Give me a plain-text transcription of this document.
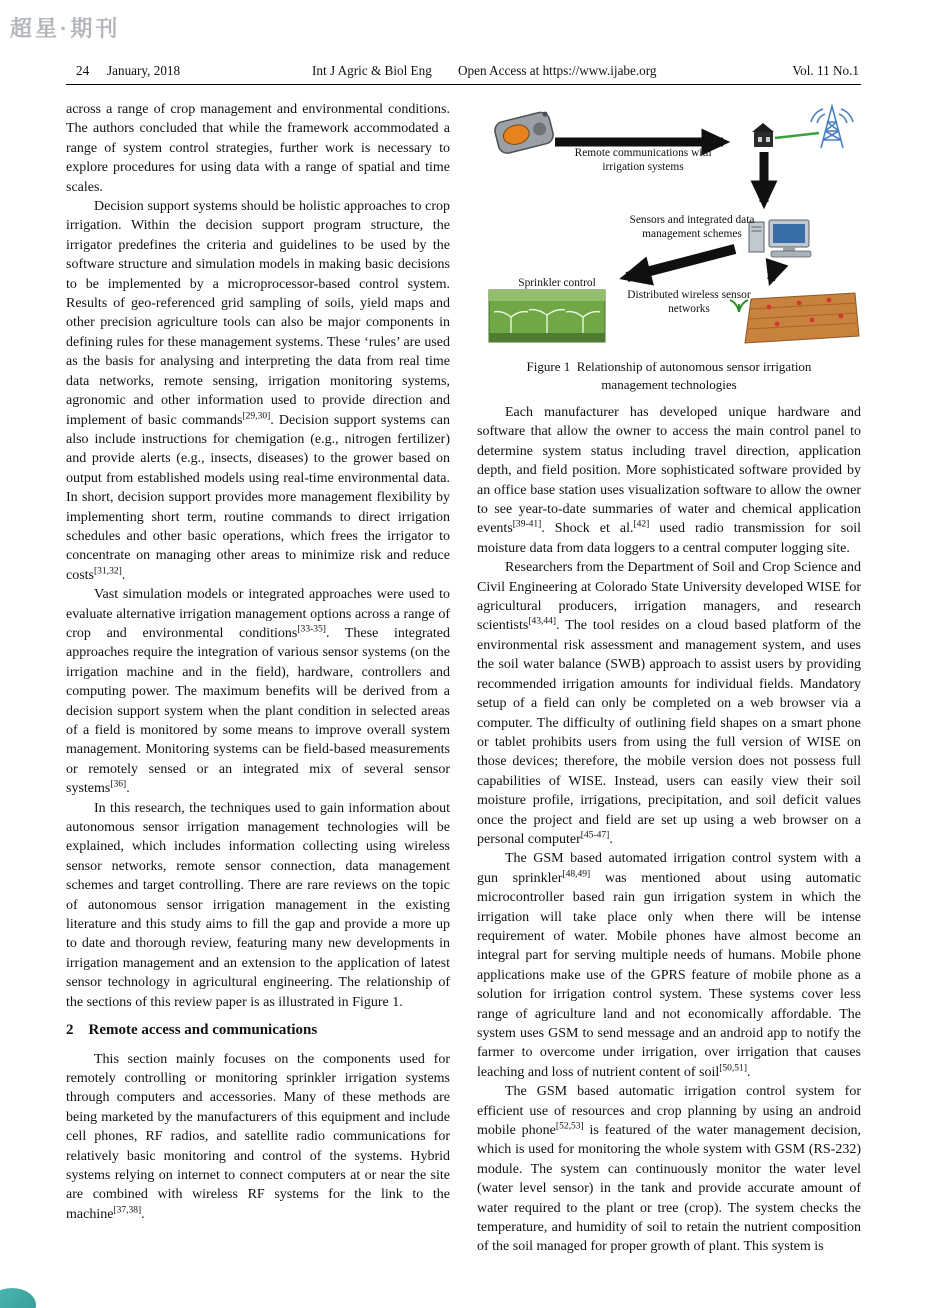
超星·期刊
24 January, 2018	Int J Agric & Biol Eng Open Access at https://www.ijabe.org	Vol. 11 No.1

across a range of crop management and environmental conditions. The authors concluded that while the framework accommodated a range of system control strategies, further work is necessary to explore procedures for using data with a range of spatial and time scales.

Decision support systems should be holistic approaches to crop irrigation. Within the decision support program structure, the irrigator predefines the criteria and guidelines to be used by the software structure and simulation models in making basic decisions to be implemented by a microprocessor-based control system. Results of geo-referenced grid sampling of soils, yield maps and other precision agriculture tools can also be major components in defining rules for these management systems. These ‘rules’ are used as the basis for analysing and interpreting the data from real time data networks, remote sensing, irrigation monitoring systems, agronomic and other information used to provide direction and implement of basic commands[29,30]. Decision support systems can also include instructions for chemigation (e.g., nitrogen fertilizer) and provide alerts (e.g., insects, diseases) to the grower based on output from established models using real-time environmental data. In short, decision support provides more management flexibility by implementing short term, routine commands to direct irrigation schedules and other basic operations, which frees the irrigator to concentrate on managing other areas to minimize risk and reduce costs[31,32].

Vast simulation models or integrated approaches were used to evaluate alternative irrigation management options across a range of crop and environmental conditions[33-35]. These integrated approaches require the integration of various sensor systems (on the irrigation machine and in the field), hardware, controllers and computing power. The maximum benefits will be derived from a decision support system when the plant condition in selected areas of a field is monitored by some means to improve overall system management. Monitoring systems can be field-based measurements or remotely sensed or an integrated mix of several sensor systems[36].

In this research, the techniques used to gain information about autonomous sensor irrigation management technologies will be explained, which includes information collecting using wireless sensor networks, remote sensor connection, data management schemes and target controlling. There are rare reviews on the topic of autonomous sensor irrigation management in the existing literature and this study aims to fill the gap and provide a more up to date and thorough review, featuring many new developments in irrigation management and an extension to the application of latest sensor technology in agricultural engineering. The relationship of the sections of this review paper is as illustrated in Figure 1.

2 Remote access and communications

This section mainly focuses on the components used for remotely controlling or monitoring sprinkler irrigation systems through computers and accessories. Many of these methods are being marketed by the manufacturers of this equipment and include cell phones, RF radios, and satellite radio communications for relatively basic monitoring and control of the systems. Hybrid systems relying on internet to connect computers at or near the site are combined with wireless RF systems for the link to the machine[37,38].

Remote communications with irrigation systems
Sensors and integrated data management schemes
Sprinkler control
Distributed wireless sensor networks
Figure 1  Relationship of autonomous sensor irrigation
management technologies

Each manufacturer has developed unique hardware and software that allow the owner to access the main control panel to determine system status including travel direction, application depth, and field position. More sophisticated software provided by an office base station uses visualization software to allow the owner to see year-to-date summaries of water and chemical application events[39-41]. Shock et al.[42] used radio transmission for soil moisture data from data loggers to a central computer logging site.

Researchers from the Department of Soil and Crop Science and Civil Engineering at Colorado State University developed WISE for agricultural producers, irrigation managers, and research scientists[43,44]. The tool resides on a cloud based platform of the environmental risk assessment and management system, and uses the soil water balance (SWB) approach to assist users by providing recommended irrigation amounts for individual fields. Mandatory setup of a field can only be completed on a web browser via a computer. The difficulty of outlining field shapes on a smart phone or tablet prohibits users from using the full version of WISE on those devices; therefore, the mobile version does not possess full capabilities of WISE. Instead, users can easily view their soil moisture profile, irrigations, precipitation, and soil deficit values once the project and field are set up using a web browser on a personal computer[45-47].

The GSM based automated irrigation control system with a gun sprinkler[48,49] was mentioned about using automatic microcontroller based rain gun irrigation system in which the irrigation will take place only when there will be intense requirement of water. Mobile phones have almost become an integral part for serving multiple needs of humans. Mobile phone applications make use of the GPRS feature of mobile phone as a solution for irrigation control system. These systems cover less range of agriculture land and not economically affordable. The system uses GSM to send message and an android app to notify the farmer to overcome under irrigation, over irrigation that causes leaching and loss of nutrient content of soil[50,51].

The GSM based automatic irrigation control system for efficient use of resources and crop planning by using an android mobile phone[52,53] is featured of the water management decision, which is used for monitoring the whole system with GSM (RS-232) module. The system can continuously monitor the water level (water level sensor) in the tank and provide accurate amount of water required to the plant or tree (crop). The system checks the temperature, and humidity of soil to retain the nutrient composition of the soil managed for proper growth of plant. This system is
